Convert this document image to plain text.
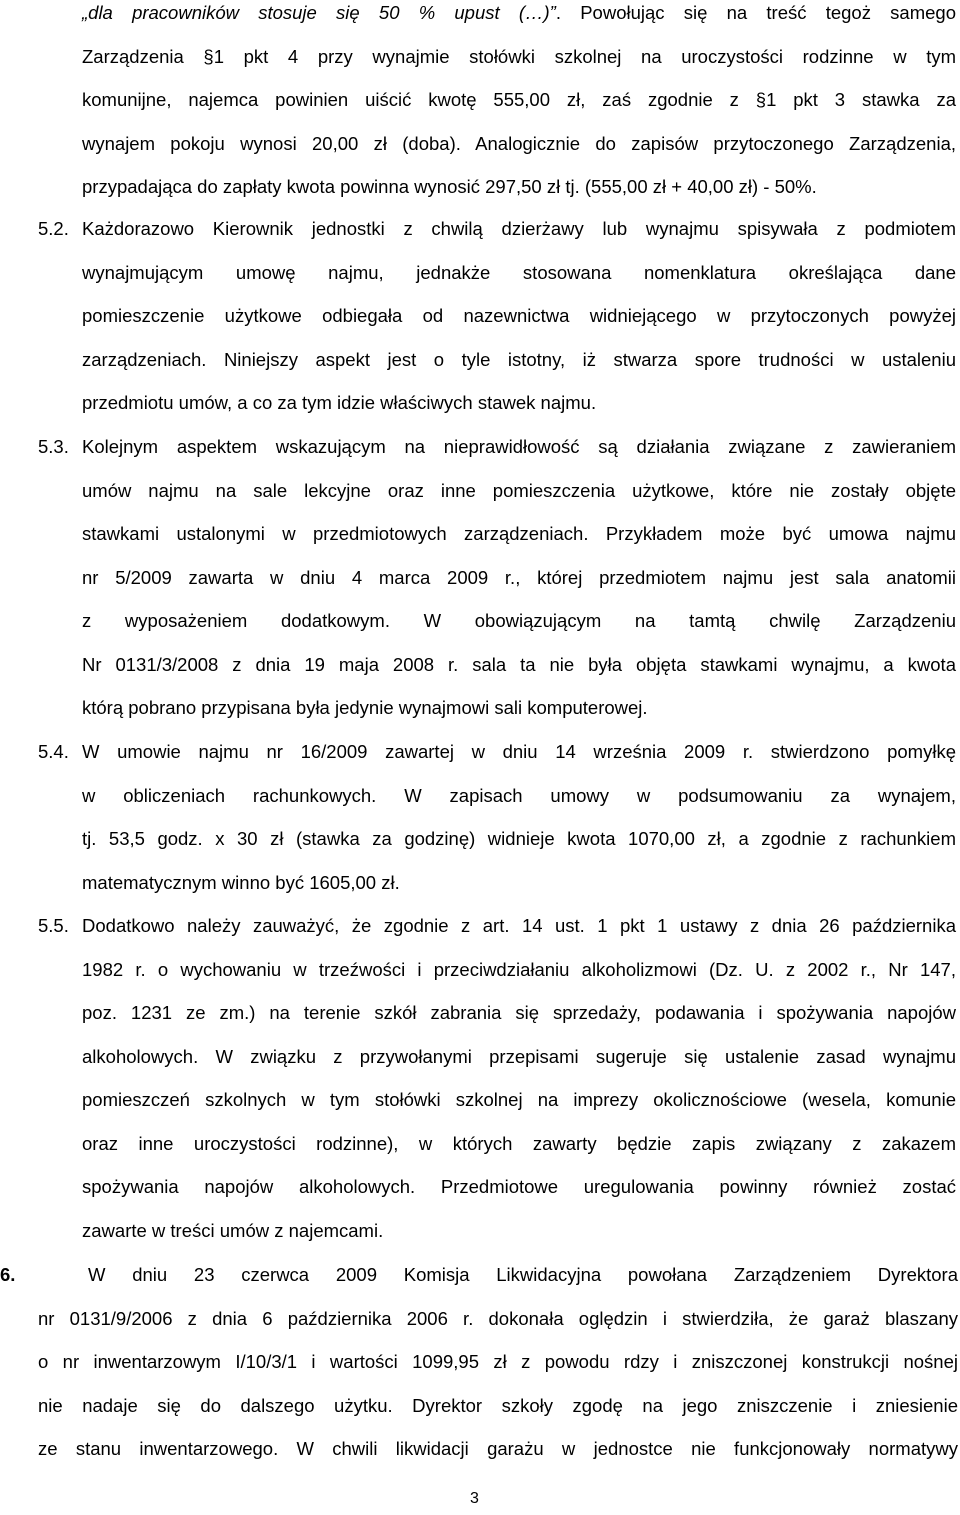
„dla pracowników stosuje się 50 % upust (…)”. Powołując się na treść tegoż samego
Zarządzenia §1 pkt 4 przy wynajmie stołówki szkolnej na uroczystości rodzinne w tym
komunijne, najemca powinien uiścić kwotę 555,00 zł, zaś zgodnie z §1 pkt 3 stawka za
wynajem pokoju wynosi 20,00 zł (doba). Analogicznie do zapisów przytoczonego Zarządzenia,
przypadająca do zapłaty kwota powinna wynosić 297,50 zł tj. (555,00 zł + 40,00 zł) - 50%.
5.2. Każdorazowo Kierownik jednostki z chwilą dzierżawy lub wynajmu spisywała z podmiotem
wynajmującym umowę najmu, jednakże stosowana nomenklatura określająca dane
pomieszczenie użytkowe odbiegała od nazewnictwa widniejącego w przytoczonych powyżej
zarządzeniach. Niniejszy aspekt jest o tyle istotny, iż stwarza spore trudności w ustaleniu
przedmiotu umów, a co za tym idzie właściwych stawek najmu.
5.3. Kolejnym aspektem wskazującym na nieprawidłowość są działania związane z zawieraniem
umów najmu na sale lekcyjne oraz inne pomieszczenia użytkowe, które nie zostały objęte
stawkami ustalonymi w przedmiotowych zarządzeniach. Przykładem może być umowa najmu
nr 5/2009 zawarta w dniu 4 marca 2009 r., której przedmiotem najmu jest sala anatomii
z wyposażeniem dodatkowym. W obowiązującym na tamtą chwilę Zarządzeniu
Nr 0131/3/2008 z dnia 19 maja 2008 r. sala ta nie była objęta stawkami wynajmu, a kwota
którą pobrano przypisana była jedynie wynajmowi sali komputerowej.
5.4. W umowie najmu nr 16/2009 zawartej w dniu 14 września 2009 r. stwierdzono pomyłkę
w obliczeniach rachunkowych. W zapisach umowy w podsumowaniu za wynajem,
tj. 53,5 godz. x 30 zł (stawka za godzinę) widnieje kwota 1070,00 zł, a zgodnie z rachunkiem
matematycznym winno być 1605,00 zł.
5.5. Dodatkowo należy zauważyć, że zgodnie z art. 14 ust. 1 pkt 1 ustawy z dnia 26 października
1982 r. o wychowaniu w trzeźwości i przeciwdziałaniu alkoholizmowi (Dz. U. z 2002 r., Nr 147,
poz. 1231 ze zm.) na terenie szkół zabrania się sprzedaży, podawania i spożywania napojów
alkoholowych. W związku z przywołanymi przepisami sugeruje się ustalenie zasad wynajmu
pomieszczeń szkolnych w tym stołówki szkolnej na imprezy okolicznościowe (wesela, komunie
oraz inne uroczystości rodzinne), w których zawarty będzie zapis związany z zakazem
spożywania napojów alkoholowych. Przedmiotowe uregulowania powinny również zostać
zawarte w treści umów z najemcami.
6.	W dniu 23 czerwca 2009 Komisja Likwidacyjna powołana Zarządzeniem Dyrektora
nr 0131/9/2006 z dnia 6 października 2006 r. dokonała oględzin i stwierdziła, że garaż blaszany
o nr inwentarzowym I/10/3/1 i wartości 1099,95 zł z powodu rdzy i zniszczonej konstrukcji nośnej
nie nadaje się do dalszego użytku. Dyrektor szkoły zgodę na jego zniszczenie i zniesienie
ze stanu inwentarzowego. W chwili likwidacji garażu w jednostce nie funkcjonowały normatywy
3
